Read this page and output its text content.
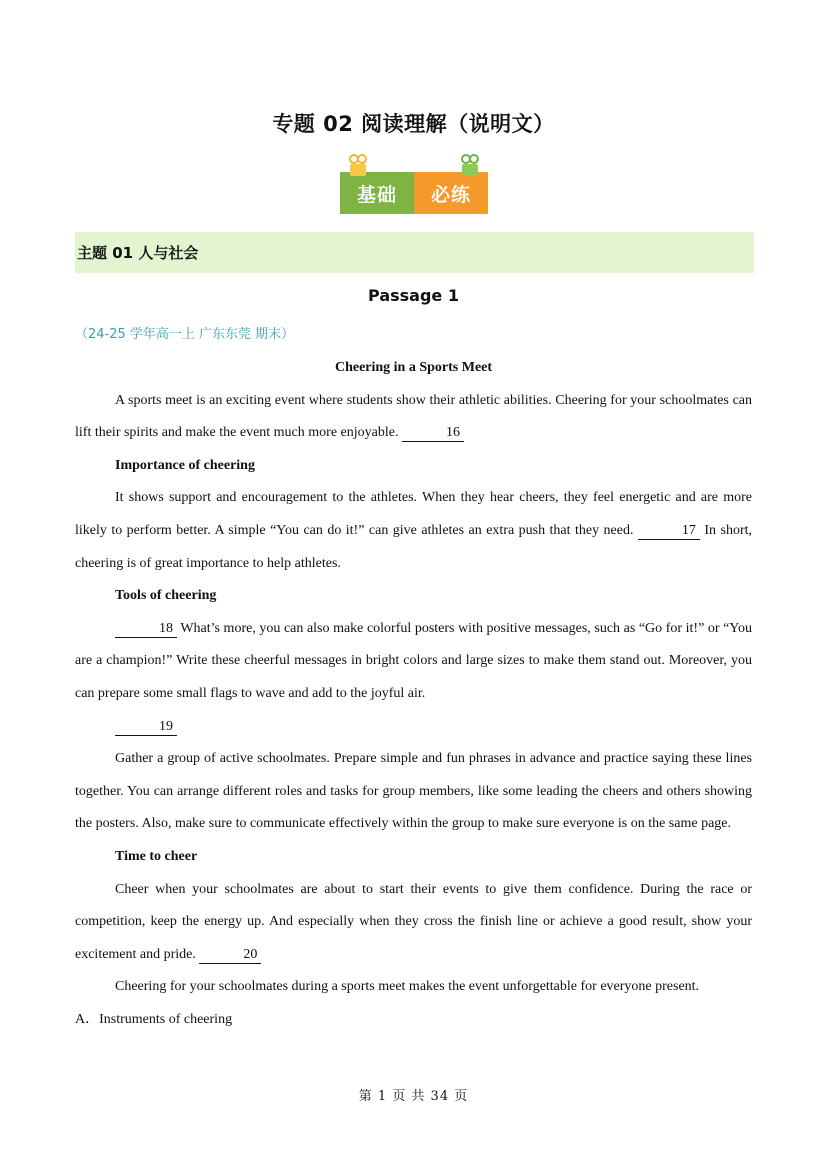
专题 02 阅读理解（说明文）
基础	必练
主题 01 人与社会
Passage 1
（24-25 学年高一上 广东东莞 期末）

Cheering in a Sports Meet

A sports meet is an exciting event where students show their athletic abilities. Cheering for your schoolmates can lift their spirits and make the event much more enjoyable.	16

Importance of cheering

It shows support and encouragement to the athletes. When they hear cheers, they feel energetic and are more likely to perform better. A simple “You can do it!” can give athletes an extra push that they need.	17 In short, cheering is of great importance to help athletes.

Tools of cheering

18 What’s more, you can also make colorful posters with positive messages, such as “Go for it!” or “You are a champion!” Write these cheerful messages in bright colors and large sizes to make them stand out. Moreover, you can prepare some small flags to wave and add to the joyful air.

19

Gather a group of active schoolmates. Prepare simple and fun phrases in advance and practice saying these lines together. You can arrange different roles and tasks for group members, like some leading the cheers and others showing the posters. Also, make sure to communicate effectively within the group to make sure everyone is on the same page.

Time to cheer

Cheer when your schoolmates are about to start their events to give them confidence. During the race or competition, keep the energy up. And especially when they cross the finish line or achieve a good result, show your excitement and pride.	20

Cheering for your schoolmates during a sports meet makes the event unforgettable for everyone present.

A．Instruments of cheering

第 1 页 共 34 页
